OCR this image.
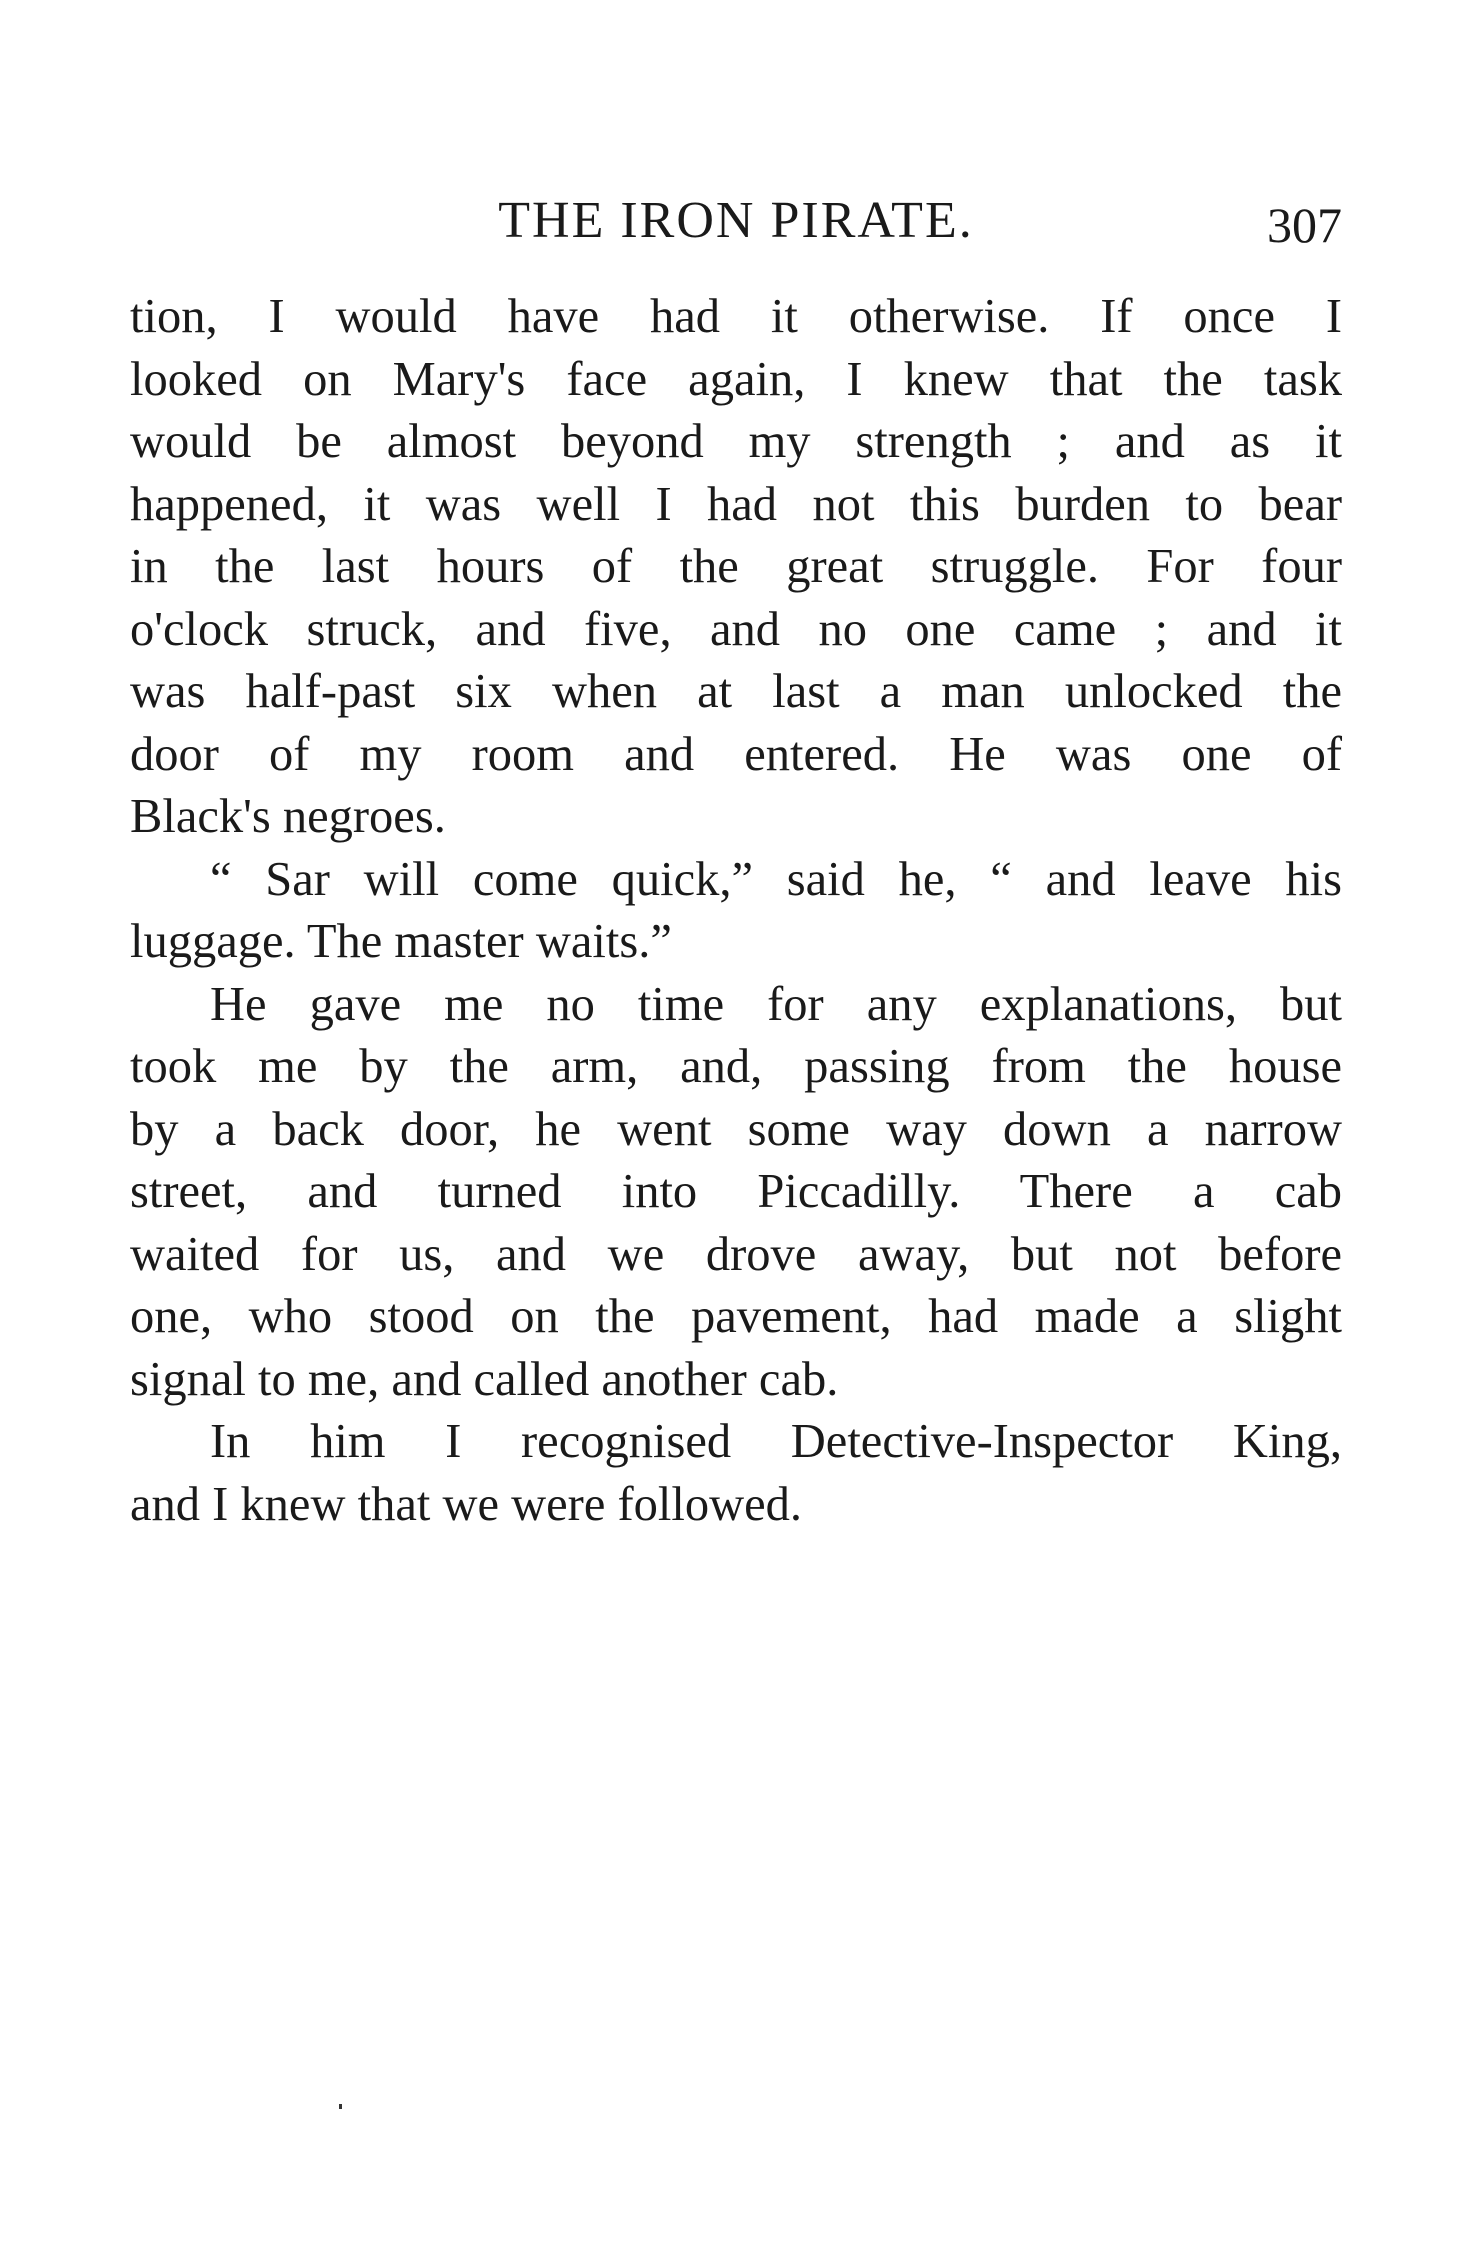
THE IRON PIRATE.	307
tion, I would have had it otherwise. If once I
looked on Mary's face again, I knew that the task
would be almost beyond my strength ; and as it
happened, it was well I had not this burden to bear
in the last hours of the great struggle. For four
o'clock struck, and five, and no one came ; and it
was half-past six when at last a man unlocked the
door of my room and entered. He was one of
Black's negroes.
“ Sar will come quick,” said he, “ and leave his
luggage. The master waits.”
He gave me no time for any explanations, but
took me by the arm, and, passing from the house
by a back door, he went some way down a narrow
street, and turned into Piccadilly. There a cab
waited for us, and we drove away, but not before
one, who stood on the pavement, had made a slight
signal to me, and called another cab.
In him I recognised Detective-Inspector King,
and I knew that we were followed.
